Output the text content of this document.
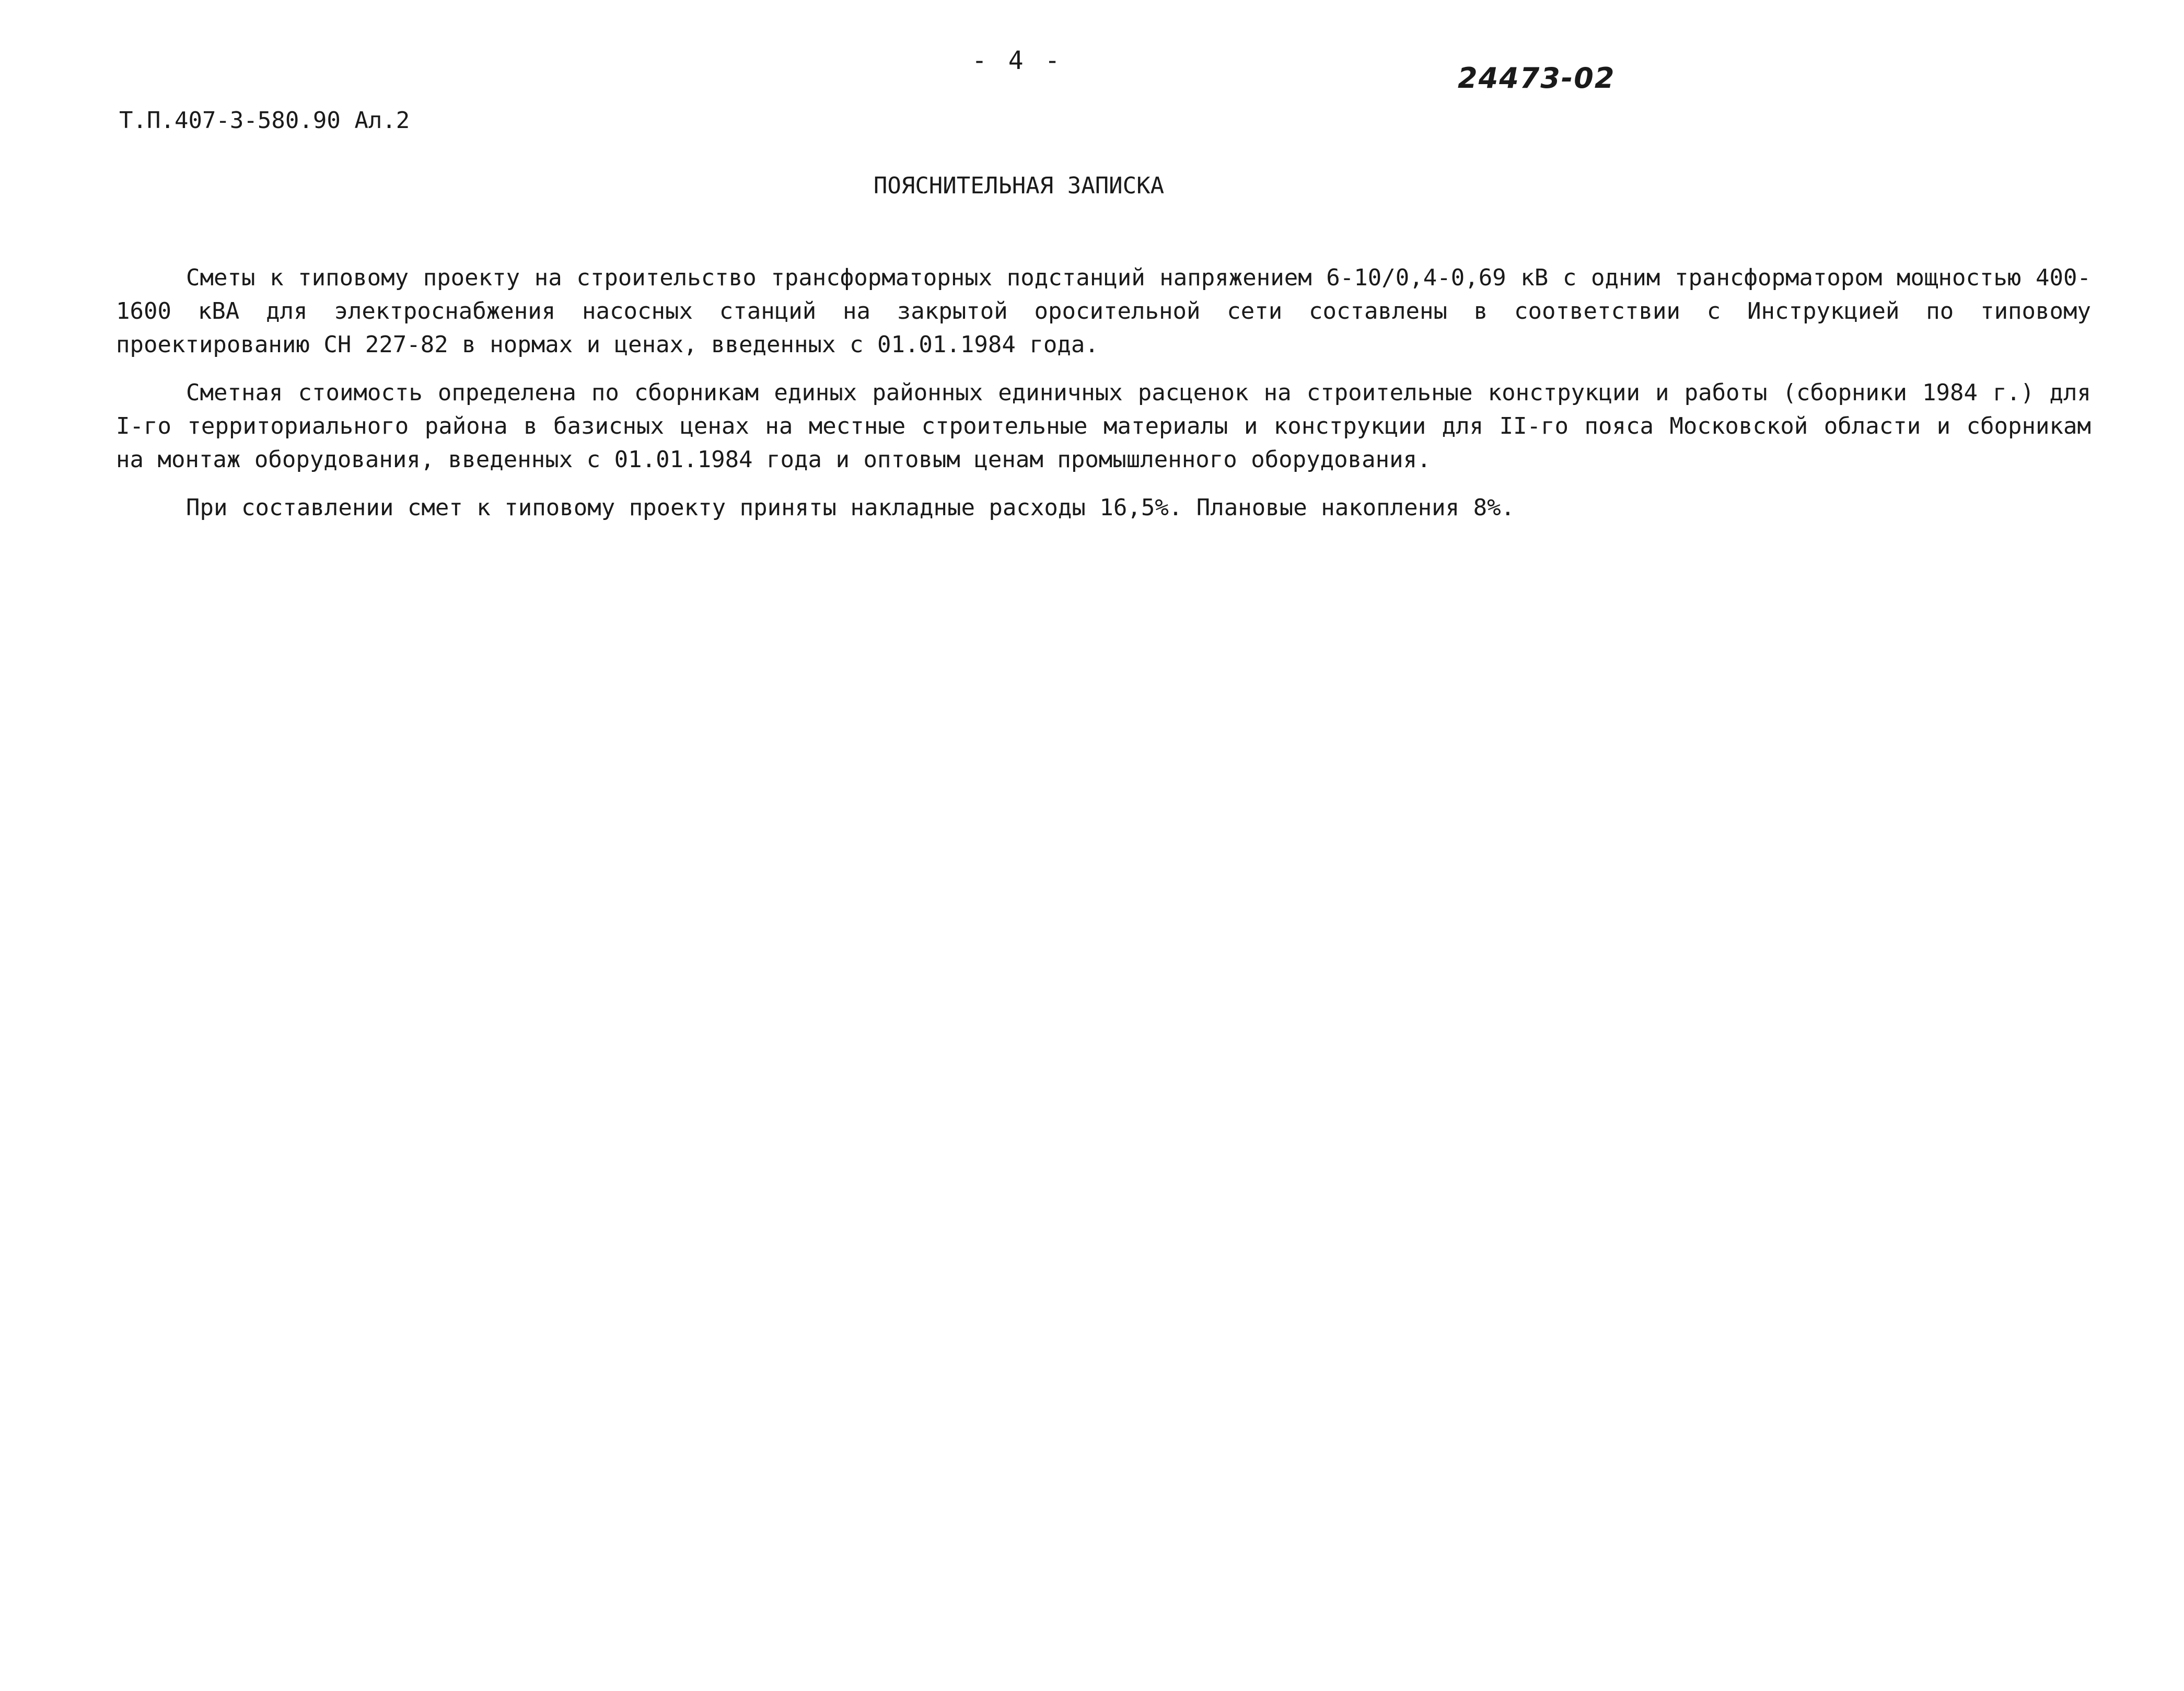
- 4 -
24473-02
Т.П.407-3-580.90 Ал.2
ПОЯСНИТЕЛЬНАЯ ЗАПИСКА

Сметы к типовому проекту на строительство трансформаторных подстанций напряжением 6-10/0,4-0,69 кВ с одним трансформатором мощностью 400-1600 кВА для электроснабжения насосных станций на закрытой оросительной сети составлены в соответствии с Инструкцией по типовому проектированию СН 227-82 в нормах и ценах, введенных с 01.01.1984 года.

Сметная стоимость определена по сборникам единых районных единичных расценок на строительные конструкции и работы (сборники 1984 г.) для I-го территориального района в базисных ценах на местные строительные материалы и конструкции для II-го пояса Московской области и сборникам на монтаж оборудования, введенных с 01.01.1984 года и оптовым ценам промышленного оборудования.

При составлении смет к типовому проекту приняты накладные расходы 16,5%. Плановые накопления 8%.
